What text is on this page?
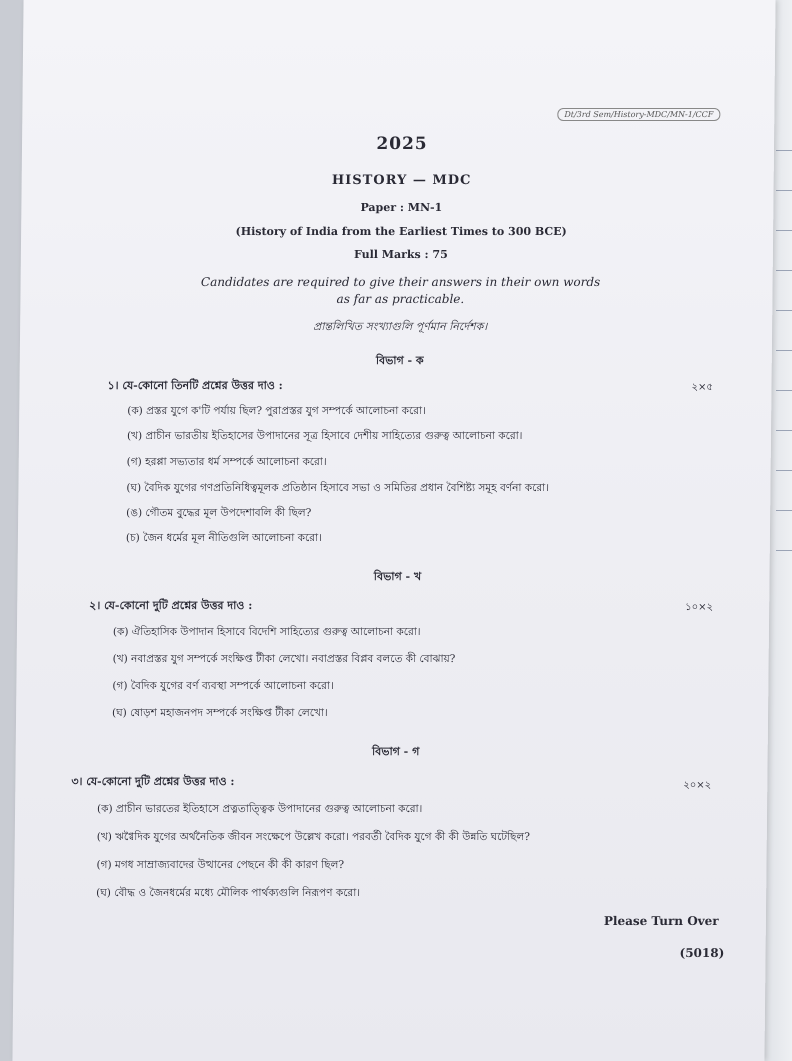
Dt/3rd Sem/History-MDC/MN-1/CCF
2025
HISTORY — MDC
Paper : MN-1
(History of India from the Earliest Times to 300 BCE)
Full Marks : 75
Candidates are required to give their answers in their own words
as far as practicable.
প্রান্তলিখিত সংখ্যাগুলি পূর্ণমান নির্দেশক।
বিভাগ - ক
১। যে-কোনো তিনটি প্রশ্নের উত্তর দাও :	২×৫
(ক) প্রস্তর যুগে ক'টি পর্যায় ছিল? পুরাপ্রস্তর যুগ সম্পর্কে আলোচনা করো।
(খ) প্রাচীন ভারতীয় ইতিহাসের উপাদানের সূত্র হিসাবে দেশীয় সাহিত্যের গুরুত্ব আলোচনা করো।
(গ) হরপ্পা সভ্যতার ধর্ম সম্পর্কে আলোচনা করো।
(ঘ) বৈদিক যুগের গণপ্রতিনিধিত্বমূলক প্রতিষ্ঠান হিসাবে সভা ও সমিতির প্রধান বৈশিষ্ট্য সমূহ বর্ণনা করো।
(ঙ) গৌতম বুদ্ধের মূল উপদেশাবলি কী ছিল?
(চ) জৈন ধর্মের মূল নীতিগুলি আলোচনা করো।
বিভাগ - খ
২। যে-কোনো দুটি প্রশ্নের উত্তর দাও :	১০×২
(ক) ঐতিহাসিক উপাদান হিসাবে বিদেশি সাহিত্যের গুরুত্ব আলোচনা করো।
(খ) নবাপ্রস্তর যুগ সম্পর্কে সংক্ষিপ্ত টীকা লেখো। নবাপ্রস্তর বিপ্লব বলতে কী বোঝায়?
(গ) বৈদিক যুগের বর্ণ ব্যবস্থা সম্পর্কে আলোচনা করো।
(ঘ) ষোড়শ মহাজনপদ সম্পর্কে সংক্ষিপ্ত টীকা লেখো।
বিভাগ - গ
৩। যে-কোনো দুটি প্রশ্নের উত্তর দাও :	২০×২
(ক) প্রাচীন ভারতের ইতিহাসে প্রত্নতাত্ত্বিক উপাদানের গুরুত্ব আলোচনা করো।
(খ) ঋগ্বৈদিক যুগের অর্থনৈতিক জীবন সংক্ষেপে উল্লেখ করো। পরবর্তী বৈদিক যুগে কী কী উন্নতি ঘটেছিল?
(গ) মগধ সাম্রাজ্যবাদের উত্থানের পেছনে কী কী কারণ ছিল?
(ঘ) বৌদ্ধ ও জৈনধর্মের মধ্যে মৌলিক পার্থক্যগুলি নিরূপণ করো।
Please Turn Over
(5018)
